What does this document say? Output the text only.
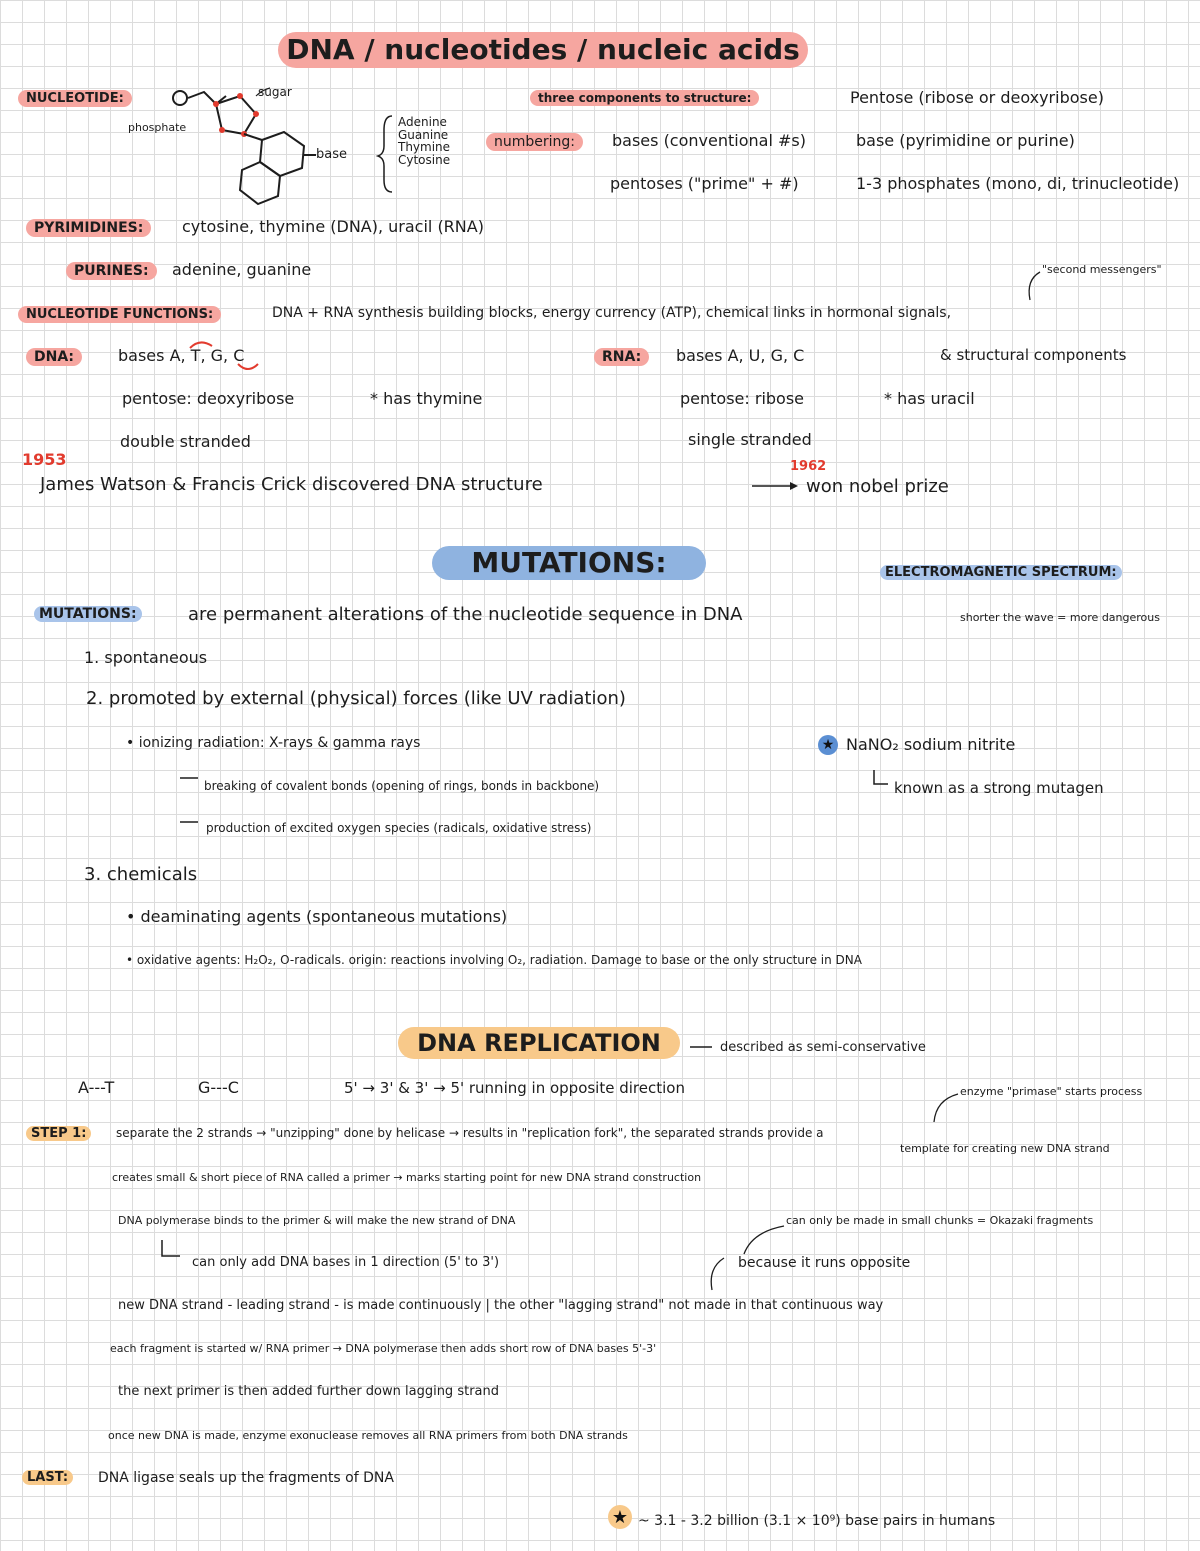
DNA / nucleotides / nucleic acids
NUCLEOTIDE:
phosphate
sugar
base
Adenine
Guanine
Thymine
Cytosine
three components to structure:	Pentose (ribose or deoxyribose)
numbering:	bases (conventional #s)	base (pyrimidine or purine)
pentoses ("prime" + #)	1-3 phosphates (mono, di, trinucleotide)
PYRIMIDINES:	cytosine, thymine (DNA), uracil (RNA)
PURINES:	adenine, guanine	"second messengers"
NUCLEOTIDE FUNCTIONS:	DNA + RNA synthesis building blocks, energy currency (ATP), chemical links in hormonal signals,
& structural components
DNA:	bases A, T, G, C
pentose: deoxyribose	* has thymine
double stranded
RNA:	bases A, U, G, C
pentose: ribose	* has uracil
single stranded
1953
James Watson & Francis Crick discovered DNA structure
1962
won nobel prize
MUTATIONS:	ELECTROMAGNETIC SPECTRUM:
shorter the wave = more dangerous
MUTATIONS:	are permanent alterations of the nucleotide sequence in DNA
1. spontaneous
2. promoted by external (physical) forces (like UV radiation)
• ionizing radiation: X-rays & gamma rays
breaking of covalent bonds (opening of rings, bonds in backbone)
production of excited oxygen species (radicals, oxidative stress)
★ NaNO₂ sodium nitrite
known as a strong mutagen
3. chemicals
• deaminating agents (spontaneous mutations)
• oxidative agents: H₂O₂, O-radicals. origin: reactions involving O₂, radiation. Damage to base or the only structure in DNA
DNA REPLICATION	described as semi-conservative
A---T	G---C	5' → 3' & 3' → 5' running in opposite direction	enzyme "primase" starts process
STEP 1:	separate the 2 strands → "unzipping" done by helicase → results in "replication fork", the separated strands provide a
template for creating new DNA strand
creates small & short piece of RNA called a primer → marks starting point for new DNA strand construction
DNA polymerase binds to the primer & will make the new strand of DNA	can only be made in small chunks = Okazaki fragments
can only add DNA bases in 1 direction (5' to 3')	because it runs opposite
new DNA strand - leading strand - is made continuously | the other "lagging strand" not made in that continuous way
each fragment is started w/ RNA primer → DNA polymerase then adds short row of DNA bases 5'-3'
the next primer is then added further down lagging strand
once new DNA is made, enzyme exonuclease removes all RNA primers from both DNA strands
LAST:	DNA ligase seals up the fragments of DNA
★ ~ 3.1 - 3.2 billion (3.1 × 10⁹) base pairs in humans
